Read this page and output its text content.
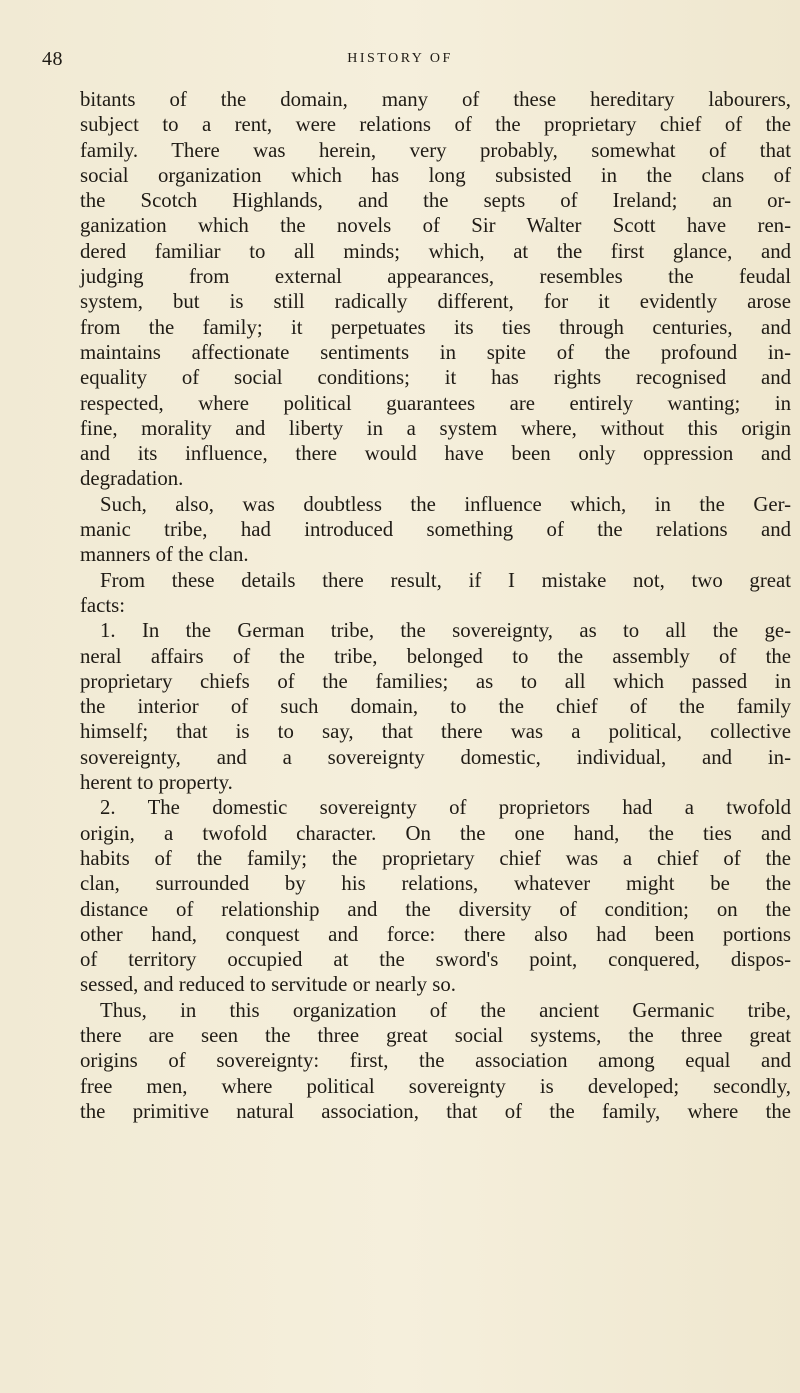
48	HISTORY OF
bitants of the domain, many of these hereditary labourers,
subject to a rent, were relations of the proprietary chief of the
family. There was herein, very probably, somewhat of that
social organization which has long subsisted in the clans of
the Scotch Highlands, and the septs of Ireland; an or-
ganization which the novels of Sir Walter Scott have ren-
dered familiar to all minds; which, at the first glance, and
judging from external appearances, resembles the feudal
system, but is still radically different, for it evidently arose
from the family; it perpetuates its ties through centuries, and
maintains affectionate sentiments in spite of the profound in-
equality of social conditions; it has rights recognised and
respected, where political guarantees are entirely wanting; in
fine, morality and liberty in a system where, without this origin
and its influence, there would have been only oppression and
degradation.
Such, also, was doubtless the influence which, in the Ger-
manic tribe, had introduced something of the relations and
manners of the clan.
From these details there result, if I mistake not, two great
facts:
1. In the German tribe, the sovereignty, as to all the ge-
neral affairs of the tribe, belonged to the assembly of the
proprietary chiefs of the families; as to all which passed in
the interior of such domain, to the chief of the family
himself; that is to say, that there was a political, collective
sovereignty, and a sovereignty domestic, individual, and in-
herent to property.
2. The domestic sovereignty of proprietors had a twofold
origin, a twofold character. On the one hand, the ties and
habits of the family; the proprietary chief was a chief of the
clan, surrounded by his relations, whatever might be the
distance of relationship and the diversity of condition; on the
other hand, conquest and force: there also had been portions
of territory occupied at the sword's point, conquered, dispos-
sessed, and reduced to servitude or nearly so.
Thus, in this organization of the ancient Germanic tribe,
there are seen the three great social systems, the three great
origins of sovereignty: first, the association among equal and
free men, where political sovereignty is developed; secondly,
the primitive natural association, that of the family, where the
